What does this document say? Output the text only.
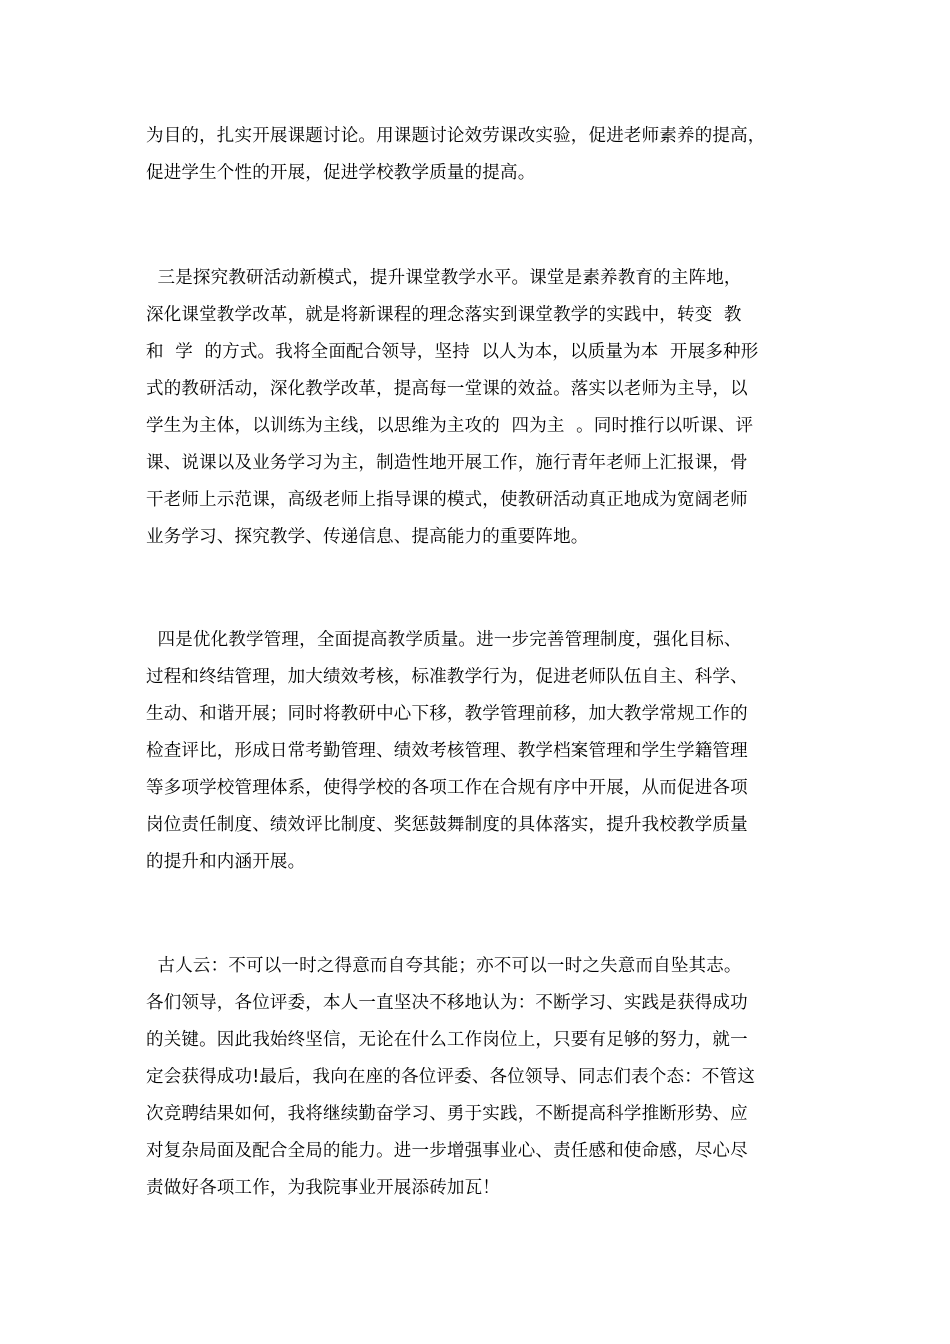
为目的，扎实开展课题讨论。用课题讨论效劳课改实验，促进老师素养的提高，
促进学生个性的开展，促进学校教学质量的提高。
三是探究教研活动新模式，提升课堂教学水平。课堂是素养教育的主阵地，
深化课堂教学改革，就是将新课程的理念落实到课堂教学的实践中，转变  教
和  学  的方式。我将全面配合领导，坚持  以人为本，以质量为本  开展多种形
式的教研活动，深化教学改革，提高每一堂课的效益。落实以老师为主导，以
学生为主体，以训练为主线，以思维为主攻的  四为主  。同时推行以听课、评
课、说课以及业务学习为主，制造性地开展工作，施行青年老师上汇报课，骨
干老师上示范课，高级老师上指导课的模式，使教研活动真正地成为宽阔老师
业务学习、探究教学、传递信息、提高能力的重要阵地。
四是优化教学管理，全面提高教学质量。进一步完善管理制度，强化目标、
过程和终结管理，加大绩效考核，标准教学行为，促进老师队伍自主、科学、
生动、和谐开展；同时将教研中心下移，教学管理前移，加大教学常规工作的
检查评比，形成日常考勤管理、绩效考核管理、教学档案管理和学生学籍管理
等多项学校管理体系，使得学校的各项工作在合规有序中开展，从而促进各项
岗位责任制度、绩效评比制度、奖惩鼓舞制度的具体落实，提升我校教学质量
的提升和内涵开展。
古人云：不可以一时之得意而自夸其能；亦不可以一时之失意而自坠其志。
各们领导，各位评委，本人一直坚决不移地认为：不断学习、实践是获得成功
的关键。因此我始终坚信，无论在什么工作岗位上，只要有足够的努力，就一
定会获得成功!最后，我向在座的各位评委、各位领导、同志们表个态：不管这
次竞聘结果如何，我将继续勤奋学习、勇于实践，不断提高科学推断形势、应
对复杂局面及配合全局的能力。进一步增强事业心、责任感和使命感，尽心尽
责做好各项工作，为我院事业开展添砖加瓦！
